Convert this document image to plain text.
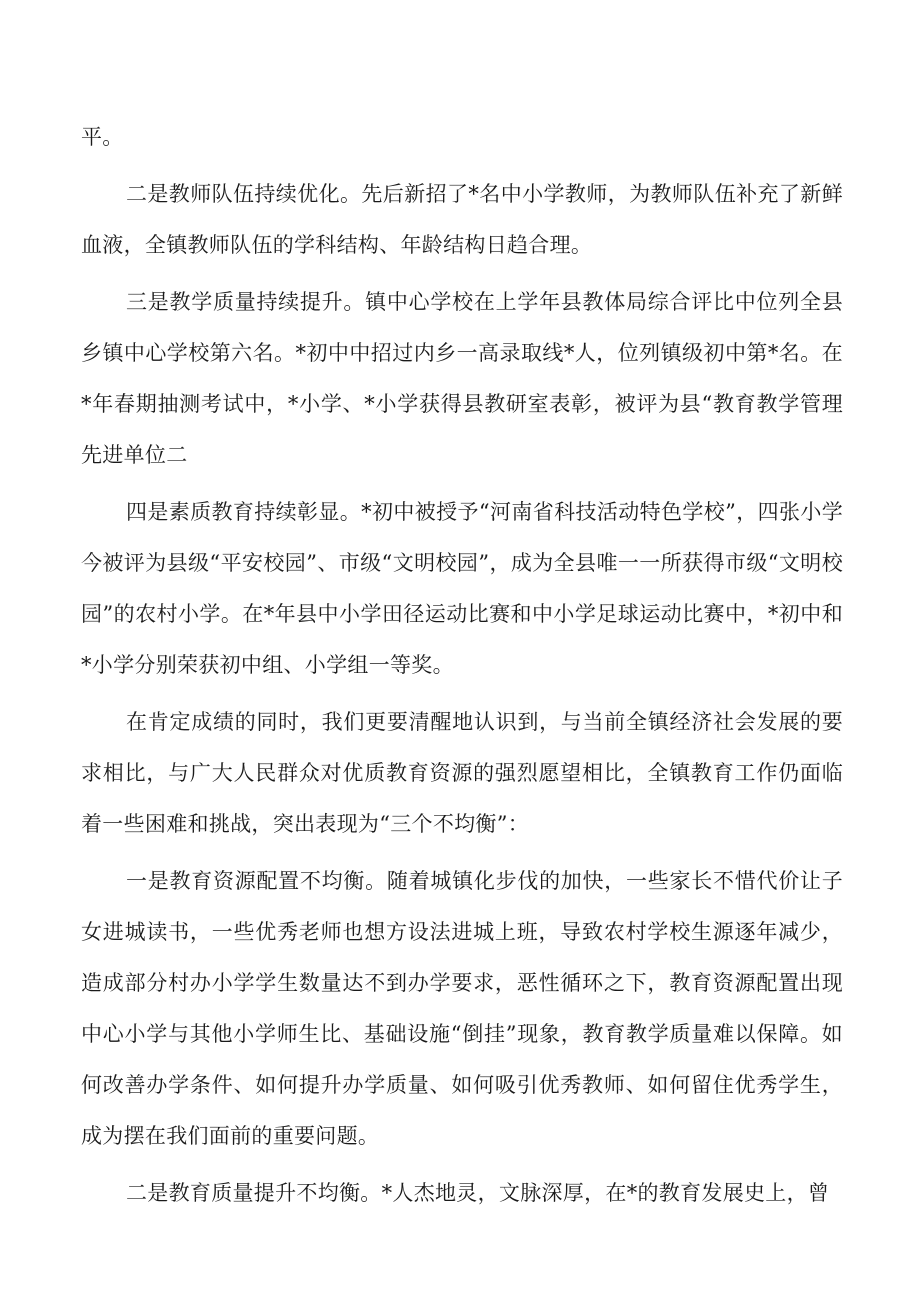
平。

二是教师队伍持续优化。先后新招了*名中小学教师，为教师队伍补充了新鲜血液，全镇教师队伍的学科结构、年龄结构日趋合理。

三是教学质量持续提升。镇中心学校在上学年县教体局综合评比中位列全县乡镇中心学校第六名。*初中中招过内乡一高录取线*人，位列镇级初中第*名。在*年春期抽测考试中，*小学、*小学获得县教研室表彰，被评为县“教育教学管理先进单位二

四是素质教育持续彰显。*初中被授予“河南省科技活动特色学校”，四张小学今被评为县级“平安校园”、市级“文明校园”，成为全县唯一一所获得市级“文明校园”的农村小学。在*年县中小学田径运动比赛和中小学足球运动比赛中，*初中和*小学分别荣获初中组、小学组一等奖。

在肯定成绩的同时，我们更要清醒地认识到，与当前全镇经济社会发展的要求相比，与广大人民群众对优质教育资源的强烈愿望相比，全镇教育工作仍面临着一些困难和挑战，突出表现为“三个不均衡”：

一是教育资源配置不均衡。随着城镇化步伐的加快，一些家长不惜代价让子女进城读书，一些优秀老师也想方设法进城上班，导致农村学校生源逐年减少，造成部分村办小学学生数量达不到办学要求，恶性循环之下，教育资源配置出现中心小学与其他小学师生比、基础设施“倒挂”现象，教育教学质量难以保障。如何改善办学条件、如何提升办学质量、如何吸引优秀教师、如何留住优秀学生，成为摆在我们面前的重要问题。

二是教育质量提升不均衡。*人杰地灵，文脉深厚，在*的教育发展史上，曾
